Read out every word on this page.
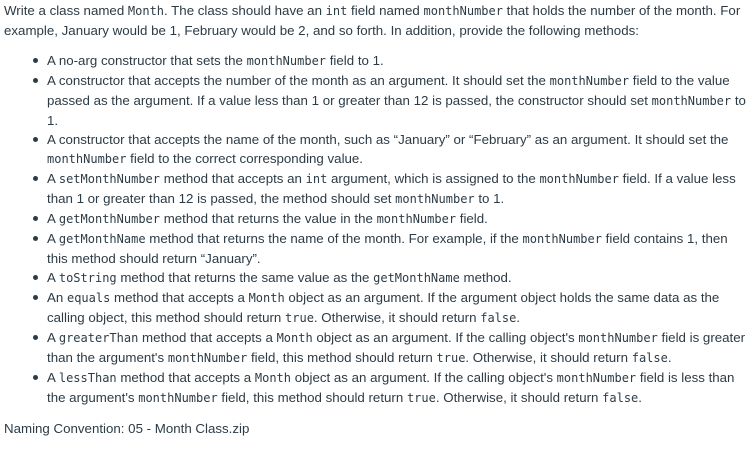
Write a class named Month. The class should have an int field named monthNumber that holds the number of the month. For example, January would be 1, February would be 2, and so forth. In addition, provide the following methods:

A no-arg constructor that sets the monthNumber field to 1.
A constructor that accepts the number of the month as an argument. It should set the monthNumber field to the value passed as the argument. If a value less than 1 or greater than 12 is passed, the constructor should set monthNumber to 1.
A constructor that accepts the name of the month, such as “January” or “February” as an argument. It should set the monthNumber field to the correct corresponding value.
A setMonthNumber method that accepts an int argument, which is assigned to the monthNumber field. If a value less than 1 or greater than 12 is passed, the method should set monthNumber to 1.
A getMonthNumber method that returns the value in the monthNumber field.
A getMonthName method that returns the name of the month. For example, if the monthNumber field contains 1, then this method should return “January”.
A toString method that returns the same value as the getMonthName method.
An equals method that accepts a Month object as an argument. If the argument object holds the same data as the calling object, this method should return true. Otherwise, it should return false.
A greaterThan method that accepts a Month object as an argument. If the calling object's monthNumber field is greater than the argument's monthNumber field, this method should return true. Otherwise, it should return false.
A lessThan method that accepts a Month object as an argument. If the calling object's monthNumber field is less than the argument's monthNumber field, this method should return true. Otherwise, it should return false.

Naming Convention: 05 - Month Class.zip
